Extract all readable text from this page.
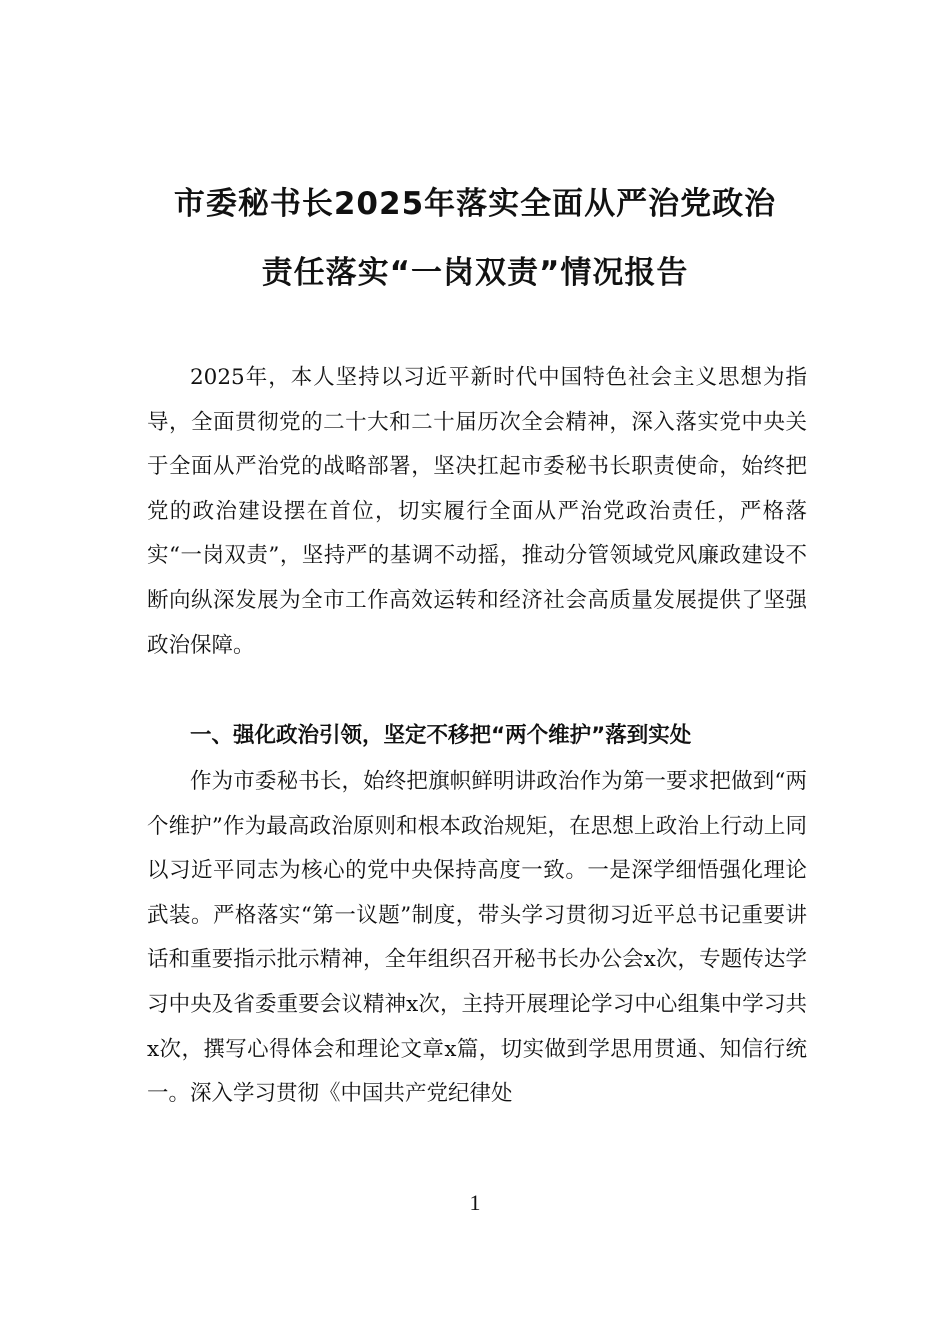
市委秘书长2025年落实全面从严治党政治
责任落实“一岗双责”情况报告

2025年，本人坚持以习近平新时代中国特色社会主义思想为指导，全面贯彻党的二十大和二十届历次全会精神，深入落实党中央关于全面从严治党的战略部署，坚决扛起市委秘书长职责使命，始终把党的政治建设摆在首位，切实履行全面从严治党政治责任，严格落实“一岗双责”，坚持严的基调不动摇，推动分管领域党风廉政建设不断向纵深发展为全市工作高效运转和经济社会高质量发展提供了坚强政治保障。

一、强化政治引领，坚定不移把“两个维护”落到实处

作为市委秘书长，始终把旗帜鲜明讲政治作为第一要求把做到“两个维护”作为最高政治原则和根本政治规矩，在思想上政治上行动上同以习近平同志为核心的党中央保持高度一致。一是深学细悟强化理论武装。严格落实“第一议题”制度，带头学习贯彻习近平总书记重要讲话和重要指示批示精神，全年组织召开秘书长办公会x次，专题传达学习中央及省委重要会议精神x次，主持开展理论学习中心组集中学习共x次，撰写心得体会和理论文章x篇，切实做到学思用贯通、知信行统一。深入学习贯彻《中国共产党纪律处

1
